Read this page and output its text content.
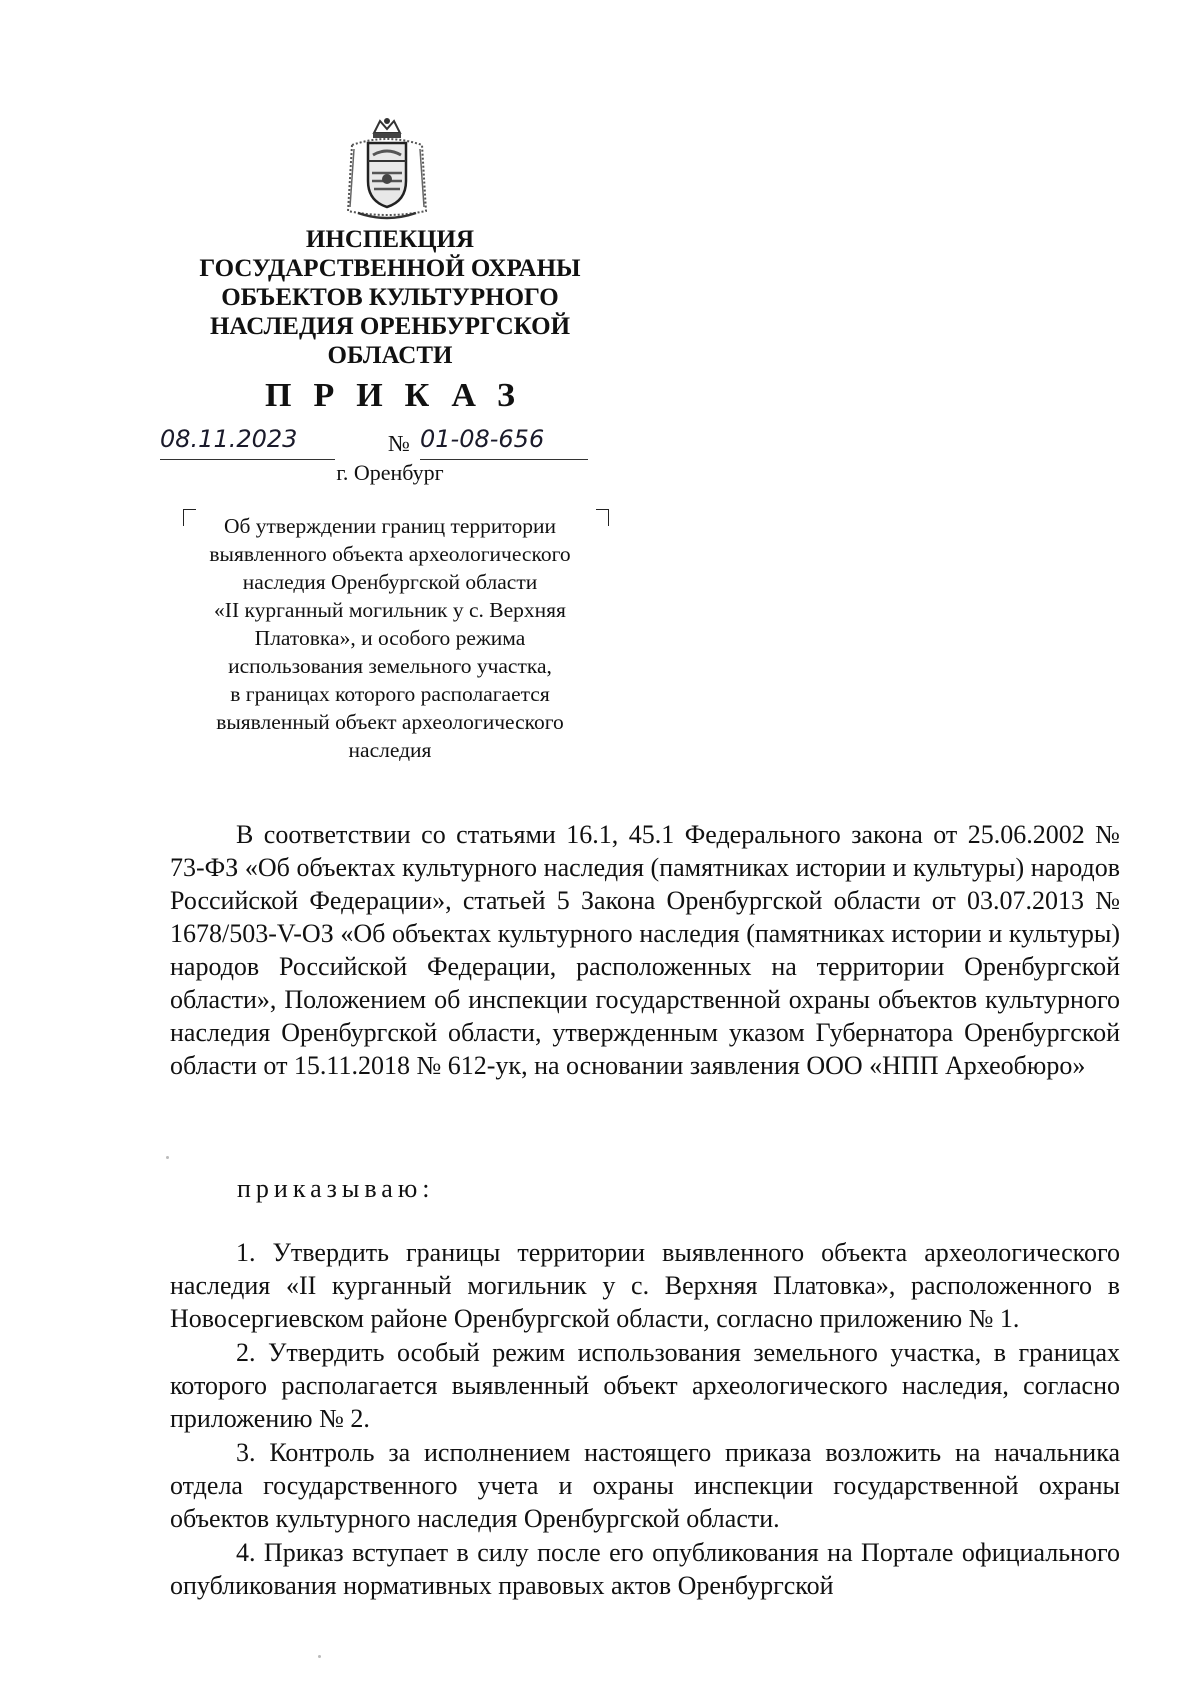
ИНСПЕКЦИЯ
ГОСУДАРСТВЕННОЙ ОХРАНЫ
ОБЪЕКТОВ КУЛЬТУРНОГО
НАСЛЕДИЯ ОРЕНБУРГСКОЙ
ОБЛАСТИ
ПРИКАЗ
08.11.2023	№ 01-08-656
г. Оренбург
Об утверждении границ территории
выявленного объекта археологического
наследия Оренбургской области
«II курганный могильник у с. Верхняя
Платовка», и особого режима
использования земельного участка,
в границах которого располагается
выявленный объект археологического
наследия

В соответствии со статьями 16.1, 45.1 Федерального закона от 25.06.2002 № 73-ФЗ «Об объектах культурного наследия (памятниках истории и культуры) народов Российской Федерации», статьей 5 Закона Оренбургской области от 03.07.2013 № 1678/503-V-ОЗ «Об объектах культурного наследия (памятниках истории и культуры) народов Российской Федерации, расположенных на территории Оренбургской области», Положением об инспекции государственной охраны объектов культурного наследия Оренбургской области, утвержденным указом Губернатора Оренбургской области от 15.11.2018 № 612-ук, на основании заявления ООО «НПП Археобюро»

приказываю:

1. Утвердить границы территории выявленного объекта археологического наследия «II курганный могильник у с. Верхняя Платовка», расположенного в Новосергиевском районе Оренбургской области, согласно приложению № 1.

2. Утвердить особый режим использования земельного участка, в границах которого располагается выявленный объект археологического наследия, согласно приложению № 2.

3. Контроль за исполнением настоящего приказа возложить на начальника отдела государственного учета и охраны инспекции государственной охраны объектов культурного наследия Оренбургской области.

4. Приказ вступает в силу после его опубликования на Портале официального опубликования нормативных правовых актов Оренбургской
